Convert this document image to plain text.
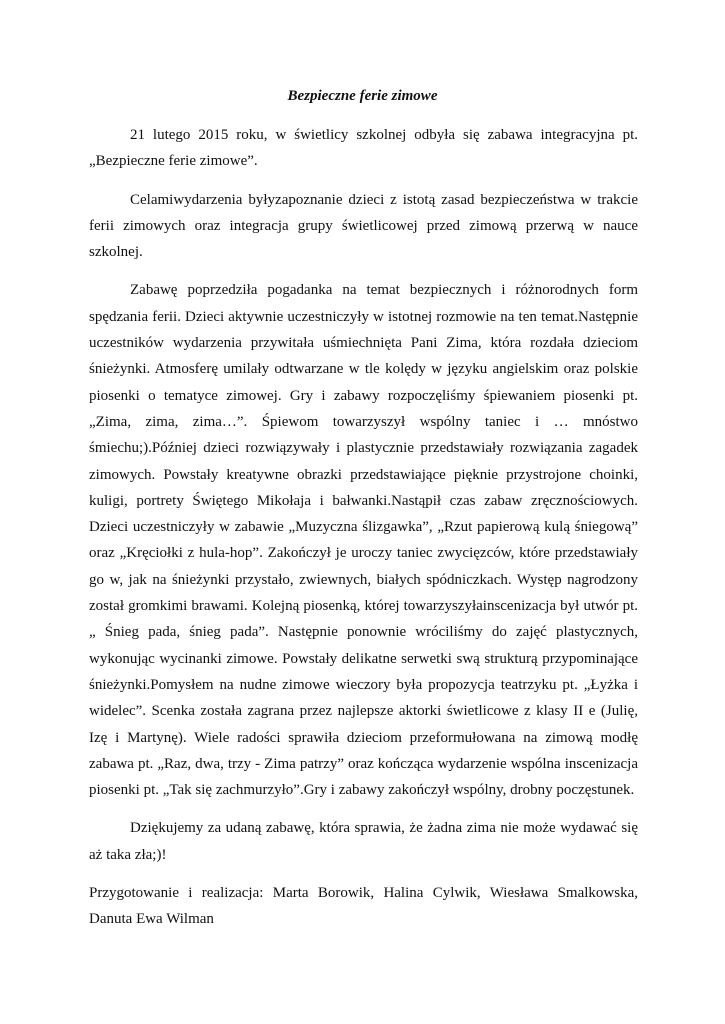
Bezpieczne ferie zimowe

21 lutego 2015 roku, w świetlicy szkolnej odbyła się zabawa integracyjna pt. „Bezpieczne ferie zimowe”.

Celamiwydarzenia byłyzapoznanie dzieci z istotą zasad bezpieczeństwa w trakcie ferii zimowych oraz integracja grupy świetlicowej przed zimową przerwą w nauce szkolnej.

Zabawę poprzedziła pogadanka na temat bezpiecznych i różnorodnych form spędzania ferii. Dzieci aktywnie uczestniczyły w istotnej rozmowie na ten temat.Następnie uczestników wydarzenia przywitała uśmiechnięta Pani Zima, która rozdała dzieciom śnieżynki. Atmosferę umilały odtwarzane w tle kolędy w języku angielskim oraz polskie piosenki o tematyce zimowej. Gry i zabawy rozpoczęliśmy śpiewaniem piosenki pt. „Zima, zima, zima…”. Śpiewom towarzyszył wspólny taniec i … mnóstwo śmiechu;).Później dzieci rozwiązywały i plastycznie przedstawiały rozwiązania zagadek zimowych. Powstały kreatywne obrazki przedstawiające pięknie przystrojone choinki, kuligi, portrety Świętego Mikołaja i bałwanki.Nastąpił czas zabaw zręcznościowych. Dzieci uczestniczyły w zabawie „Muzyczna ślizgawka”, „Rzut papierową kulą śniegową” oraz „Kręciołki z hula-hop”. Zakończył je uroczy taniec zwycięzców, które przedstawiały go w, jak na śnieżynki przystało, zwiewnych, białych spódniczkach. Występ nagrodzony został gromkimi brawami. Kolejną piosenką, której towarzyszyłainscenizacja był utwór pt. „ Śnieg pada, śnieg pada”. Następnie ponownie wróciliśmy do zajęć plastycznych, wykonując wycinanki zimowe. Powstały delikatne serwetki swą strukturą przypominające śnieżynki.Pomysłem na nudne zimowe wieczory była propozycja teatrzyku pt. „Łyżka i widelec”. Scenka została zagrana przez najlepsze aktorki świetlicowe z klasy II e (Julię, Izę i Martynę). Wiele radości sprawiła dzieciom przeformułowana na zimową modłę zabawa pt. „Raz, dwa, trzy - Zima patrzy” oraz kończąca wydarzenie wspólna inscenizacja piosenki pt. „Tak się zachmurzyło”.Gry i zabawy zakończył wspólny, drobny poczęstunek.

Dziękujemy za udaną zabawę, która sprawia, że żadna zima nie może wydawać się aż taka zła;)!

Przygotowanie i realizacja: Marta Borowik, Halina Cylwik, Wiesława Smalkowska, Danuta Ewa Wilman
